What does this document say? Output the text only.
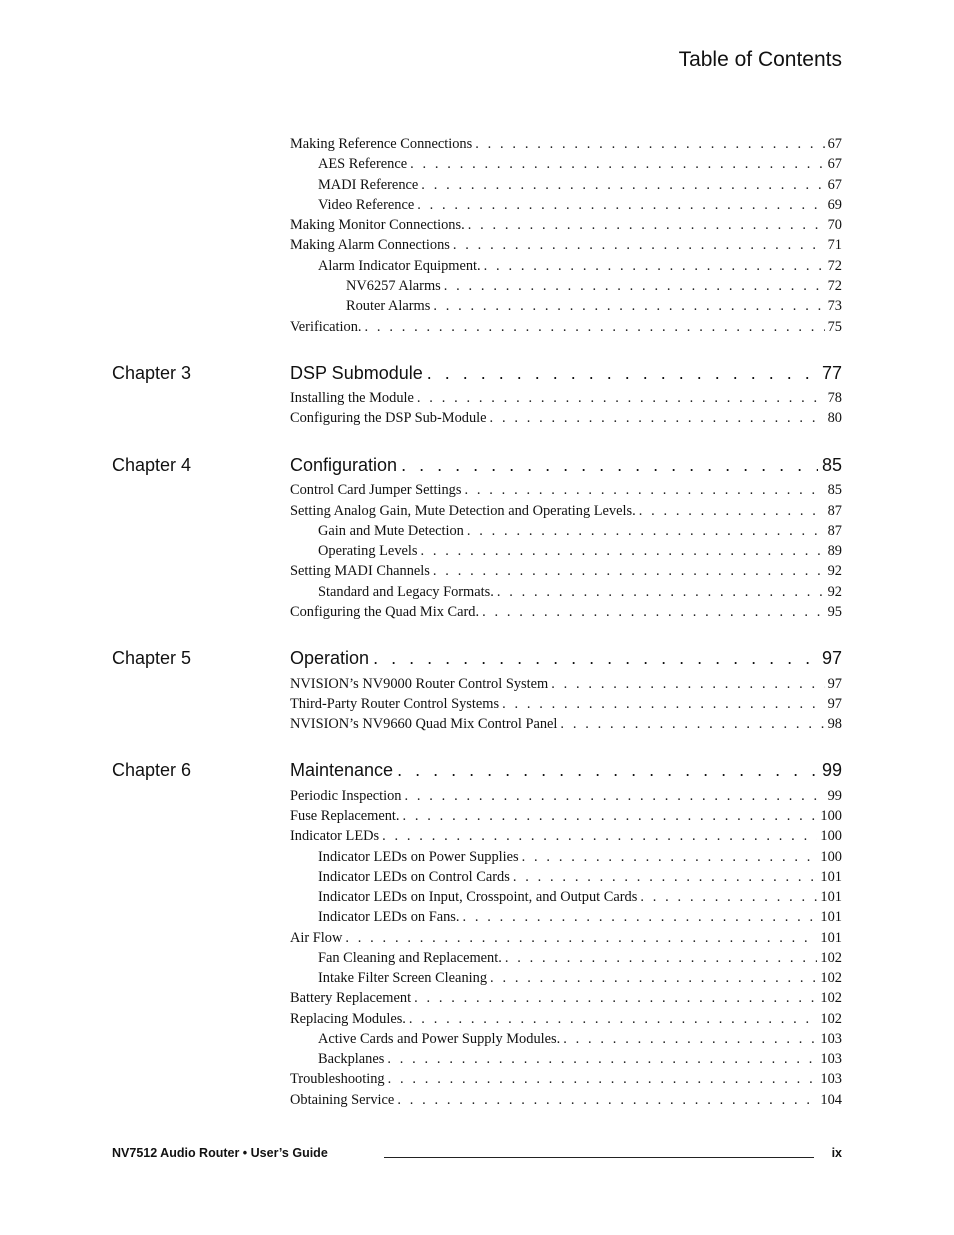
Table of Contents
Making Reference Connections . . .	67
AES Reference . . .	67
MADI Reference . . .	67
Video Reference . . .	69
Making Monitor Connections. . . .	70
Making Alarm Connections . . .	71
Alarm Indicator Equipment. . . .	72
NV6257 Alarms . . .	72
Router Alarms . . .	73
Verification. . . .	75
Chapter 3	DSP Submodule . . .	77
Installing the Module . . .	78
Configuring the DSP Sub-Module . . .	80
Chapter 4	Configuration . . .	85
Control Card Jumper Settings . . .	85
Setting Analog Gain, Mute Detection and Operating Levels. . . .	87
Gain and Mute Detection . . .	87
Operating Levels . . .	89
Setting MADI Channels . . .	92
Standard and Legacy Formats. . . .	92
Configuring the Quad Mix Card. . . .	95
Chapter 5	Operation . . .	97
NVISION’s NV9000 Router Control System . . .	97
Third-Party Router Control Systems . . .	97
NVISION’s NV9660 Quad Mix Control Panel . . .	98
Chapter 6	Maintenance . . .	99
Periodic Inspection . . .	99
Fuse Replacement. . . .	100
Indicator LEDs . . .	100
Indicator LEDs on Power Supplies . . .	100
Indicator LEDs on Control Cards . . .	101
Indicator LEDs on Input, Crosspoint, and Output Cards . . .	101
Indicator LEDs on Fans. . . .	101
Air Flow . . .	101
Fan Cleaning and Replacement. . . .	102
Intake Filter Screen Cleaning . . .	102
Battery Replacement . . .	102
Replacing Modules. . . .	102
Active Cards and Power Supply Modules. . . .	103
Backplanes . . .	103
Troubleshooting . . .	103
Obtaining Service . . .	104
NV7512 Audio Router • User’s Guide	ix
